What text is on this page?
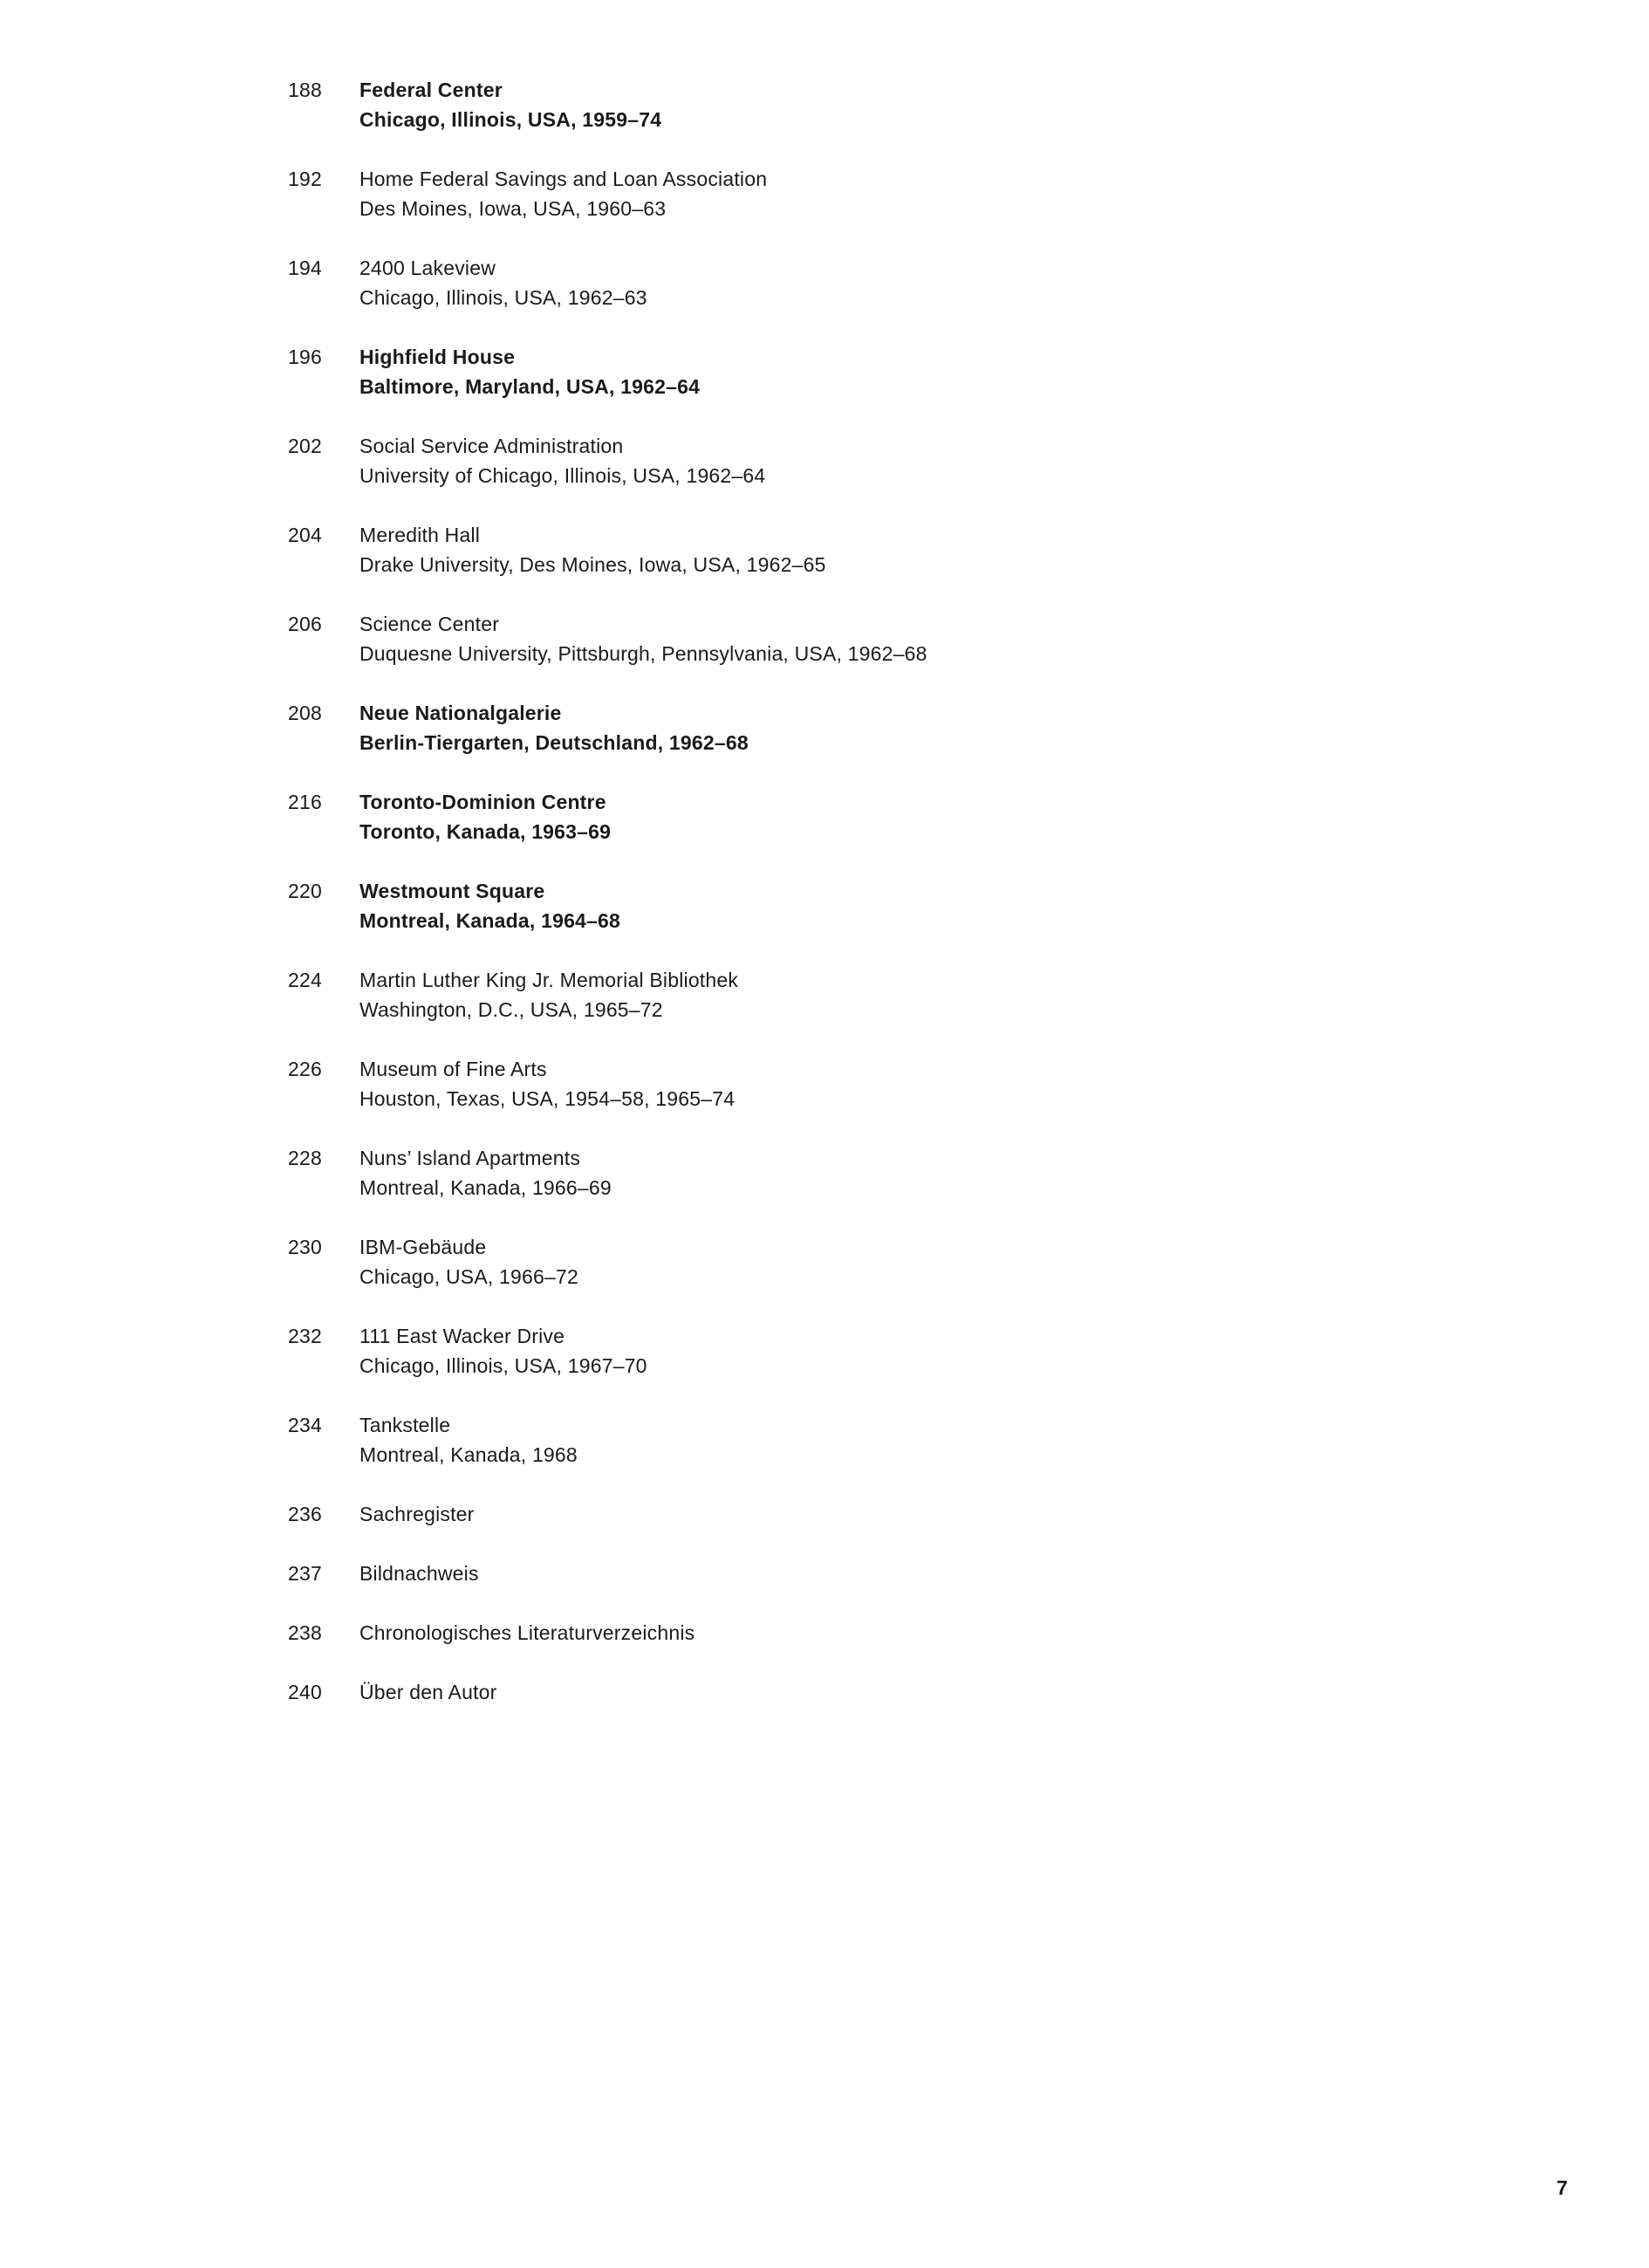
188	Federal Center
Chicago, Illinois, USA, 1959–74
192	Home Federal Savings and Loan Association
Des Moines, Iowa, USA, 1960–63
194	2400 Lakeview
Chicago, Illinois, USA, 1962–63
196	Highfield House
Baltimore, Maryland, USA, 1962–64
202	Social Service Administration
University of Chicago, Illinois, USA, 1962–64
204	Meredith Hall
Drake University, Des Moines, Iowa, USA, 1962–65
206	Science Center
Duquesne University, Pittsburgh, Pennsylvania, USA, 1962–68
208	Neue Nationalgalerie
Berlin-Tiergarten, Deutschland, 1962–68
216	Toronto-Dominion Centre
Toronto, Kanada, 1963–69
220	Westmount Square
Montreal, Kanada, 1964–68
224	Martin Luther King Jr. Memorial Bibliothek
Washington, D.C., USA, 1965–72
226	Museum of Fine Arts
Houston, Texas, USA, 1954–58, 1965–74
228	Nuns’ Island Apartments
Montreal, Kanada, 1966–69
230	IBM-Gebäude
Chicago, USA, 1966–72
232	111 East Wacker Drive
Chicago, Illinois, USA, 1967–70
234	Tankstelle
Montreal, Kanada, 1968
236	Sachregister
237	Bildnachweis
238	Chronologisches Literaturverzeichnis
240	Über den Autor
7
